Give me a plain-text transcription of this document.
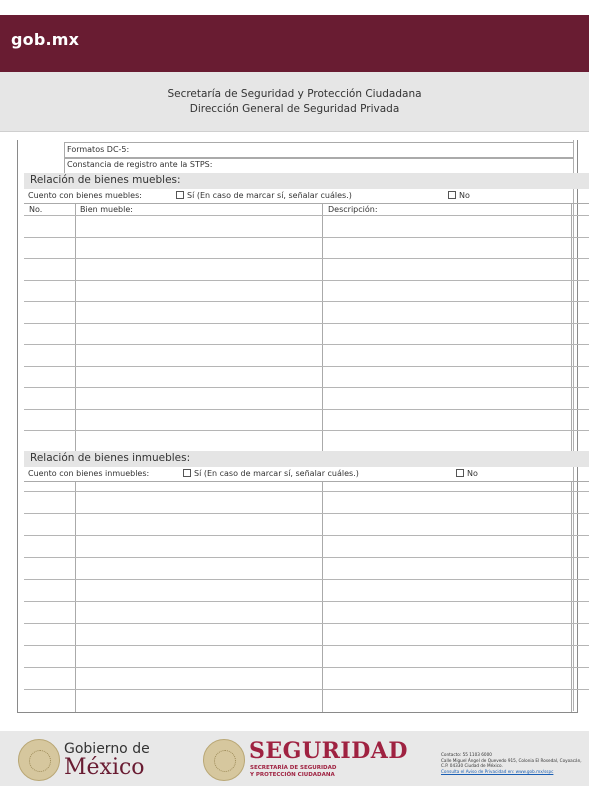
gob.mx
Secretaría de Seguridad y Protección Ciudadana
Dirección General de Seguridad Privada
Formatos DC-5:
Constancia de registro ante la STPS:
Relación de bienes muebles:
Cuento con bienes muebles:	Sí (En caso de marcar sí, señalar cuáles.)	No
No.	Bien mueble:	Descripción:
Relación de bienes inmuebles:
Cuento con bienes inmuebles:	Sí (En caso de marcar sí, señalar cuáles.)	No
Gobierno de
México
SEGURIDAD
SECRETARÍA DE SEGURIDAD
Y PROTECCIÓN CIUDADANA
Contacto: 55 1103 6000
Calle Miguel Ángel de Quevedo 915, Colonia El Rosedal, Coyoacán, C.P. 04330 Ciudad de México.
Consulta el Aviso de Privacidad en: www.gob.mx/sspc
